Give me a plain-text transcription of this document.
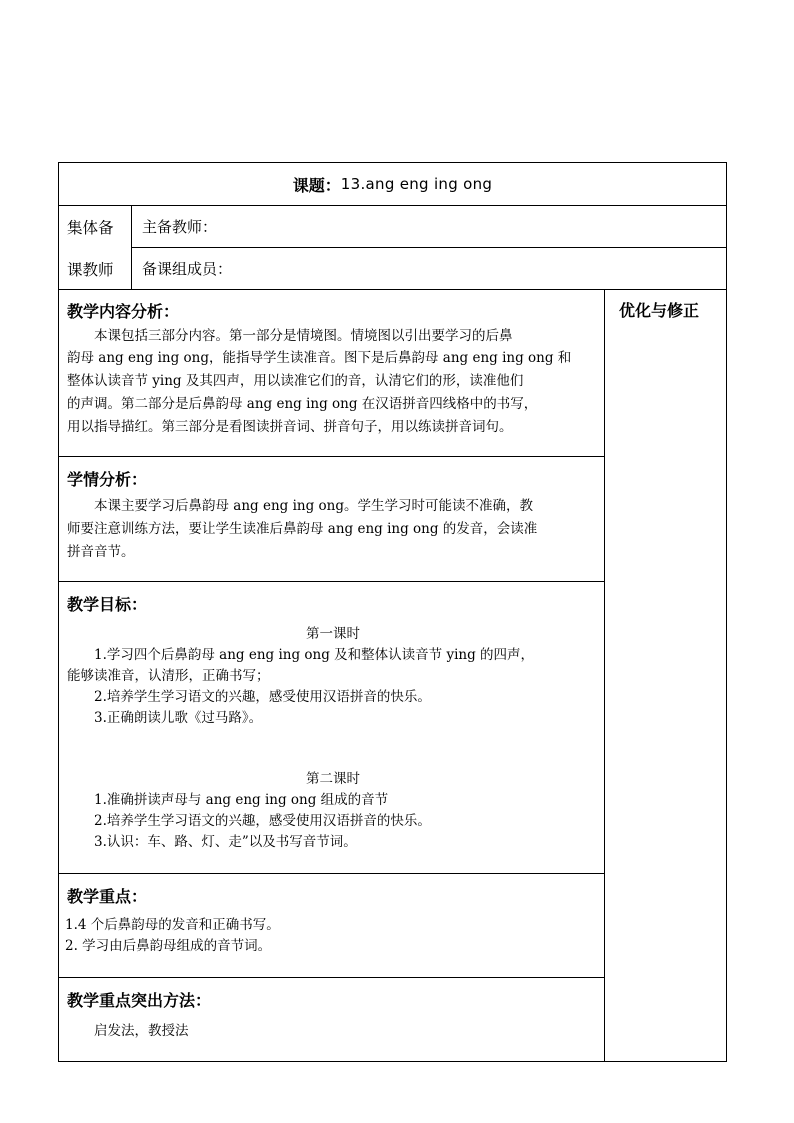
课题： 13.ang eng ing ong
集体备
课教师
主备教师：
备课组成员：
优化与修正
教学内容分析：

本课包括三部分内容。第一部分是情境图。情境图以引出要学习的后鼻

韵母 ang eng ing ong，能指导学生读准音。图下是后鼻韵母 ang eng ing ong 和

整体认读音节 ying 及其四声，用以读准它们的音，认清它们的形，读准他们

的声调。第二部分是后鼻韵母 ang eng ing ong 在汉语拼音四线格中的书写，

用以指导描红。第三部分是看图读拼音词、拼音句子，用以练读拼音词句。

学情分析：

本课主要学习后鼻韵母 ang eng ing ong。学生学习时可能读不准确，教

师要注意训练方法，要让学生读准后鼻韵母 ang eng ing ong 的发音，会读准

拼音音节。

教学目标：
第一课时

1.学习四个后鼻韵母 ang eng ing ong 及和整体认读音节 ying 的四声，

能够读准音，认清形，正确书写；

2.培养学生学习语文的兴趣，感受使用汉语拼音的快乐。

3.正确朗读儿歌《过马路》。

第二课时

1.准确拼读声母与 ang eng ing ong 组成的音节

2.培养学生学习语文的兴趣，感受使用汉语拼音的快乐。

3.认识：车、路、灯、走”以及书写音节词。

教学重点：

1.4 个后鼻韵母的发音和正确书写。

2. 学习由后鼻韵母组成的音节词。

教学重点突出方法：

启发法，教授法
